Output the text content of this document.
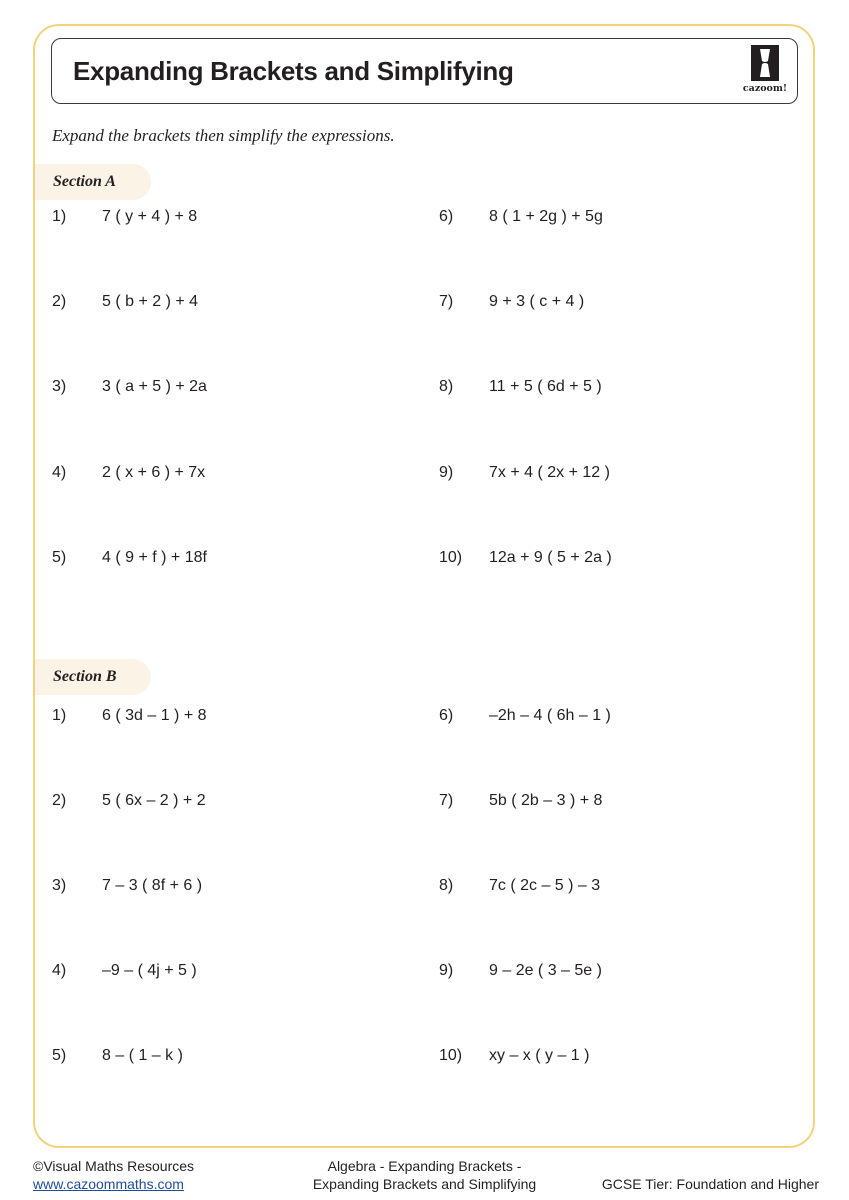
Expanding Brackets and Simplifying
cazoom!

Expand the brackets then simplify the expressions.

Section A
1) 7 ( y + 4 ) + 8
2) 5 ( b + 2 ) + 4
3) 3 ( a + 5 ) + 2a
4) 2 ( x + 6 ) + 7x
5) 4 ( 9 + f ) + 18f
6) 8 ( 1 + 2g ) + 5g
7) 9 + 3 ( c + 4 )
8) 11 + 5 ( 6d + 5 )
9) 7x + 4 ( 2x + 12 )
10) 12a + 9 ( 5 + 2a )
Section B
1) 6 ( 3d – 1 ) + 8
2) 5 ( 6x – 2 ) + 2
3) 7 – 3 ( 8f + 6 )
4) –9 – ( 4j + 5 )
5) 8 – ( 1 – k )
6) –2h – 4 ( 6h – 1 )
7) 5b ( 2b – 3 ) + 8
8) 7c ( 2c – 5 ) – 3
9) 9 – 2e ( 3 – 5e )
10) xy – x ( y – 1 )
©Visual Maths Resources
www.cazoommaths.com
Algebra - Expanding Brackets -
Expanding Brackets and Simplifying	GCSE Tier: Foundation and Higher
